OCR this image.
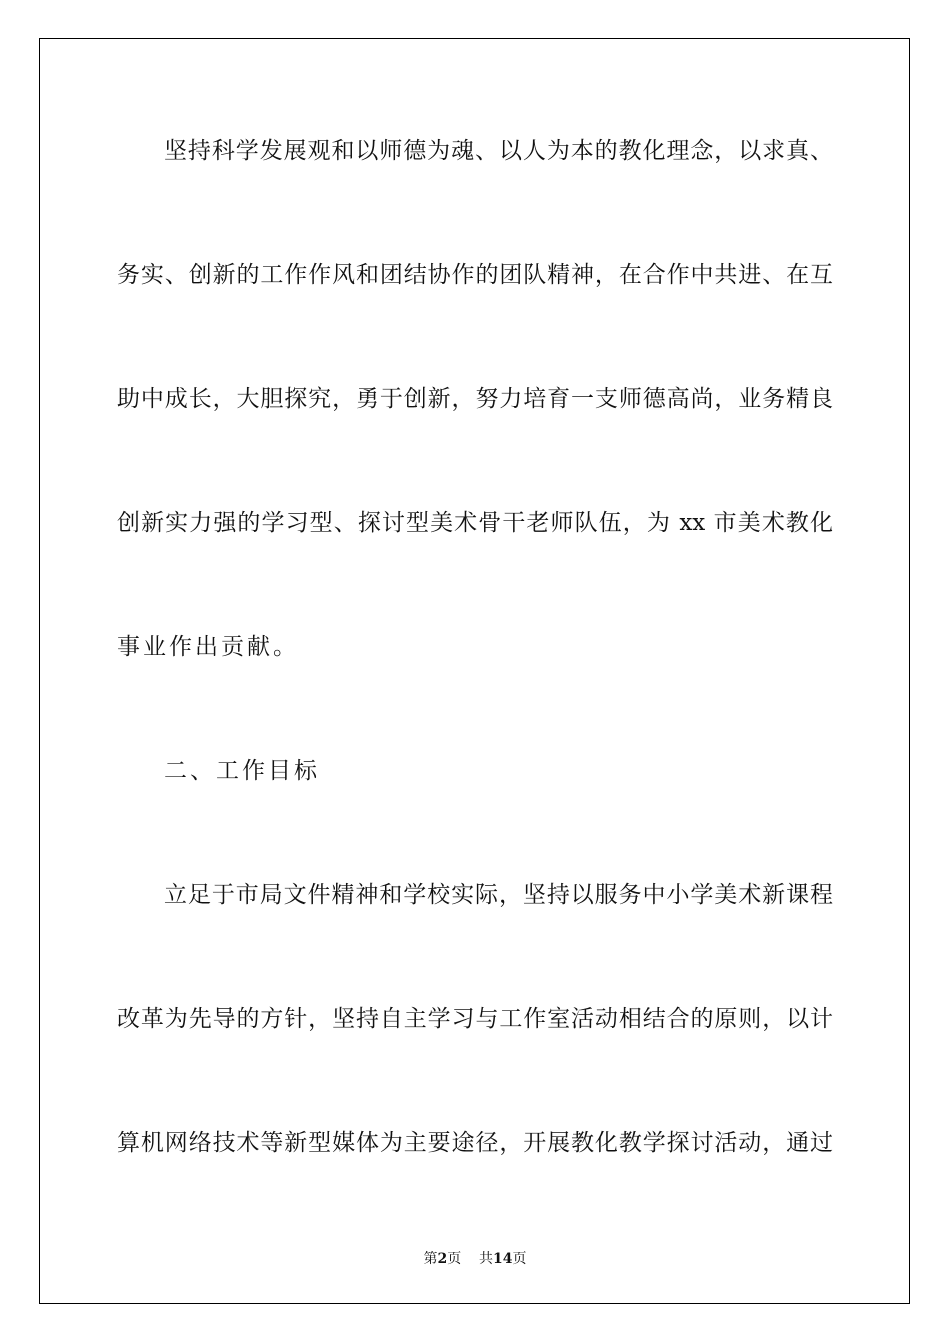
坚持科学发展观和以师德为魂、以人为本的教化理念，以求真、
务实、创新的工作作风和团结协作的团队精神，在合作中共进、在互
助中成长，大胆探究，勇于创新，努力培育一支师德高尚，业务精良
创新实力强的学习型、探讨型美术骨干老师队伍，为 xx 市美术教化
事业作出贡献。
二、工作目标
立足于市局文件精神和学校实际，坚持以服务中小学美术新课程
改革为先导的方针，坚持自主学习与工作室活动相结合的原则，以计
算机网络技术等新型媒体为主要途径，开展教化教学探讨活动，通过
第2页 共14页
